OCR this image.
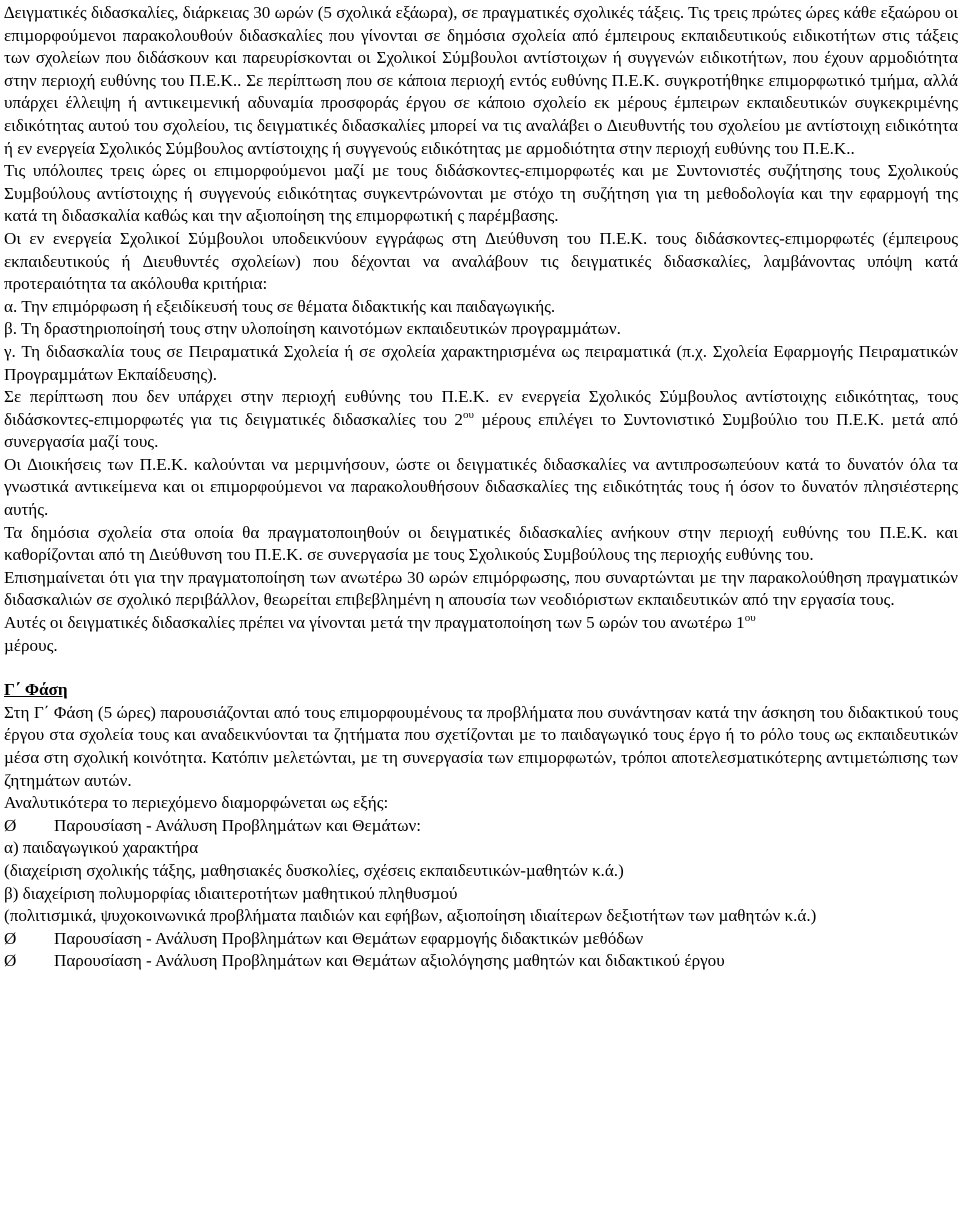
∆ειγµατικές διδασκαλίες, διάρκειας 30 ωρών (5 σχολικά εξάωρα), σε πραγµατικές σχολικές τάξεις. Τις τρεις πρώτες ώρες κάθε εξαώρου οι επιµορφούµενοι παρακολουθούν διδασκαλίες που γίνονται σε δηµόσια σχολεία από έµπειρους εκπαιδευτικούς ειδικοτήτων στις τάξεις των σχολείων που διδάσκουν και παρευρίσκονται οι Σχολικοί Σύµβουλοι αντίστοιχων ή συγγενών ειδικοτήτων, που έχουν αρµοδιότητα στην περιοχή ευθύνης του Π.Ε.Κ.. Σε περίπτωση που σε κάποια περιοχή εντός ευθύνης Π.Ε.Κ. συγκροτήθηκε επιµορφωτικό τµήµα, αλλά υπάρχει έλλειψη ή αντικειµενική αδυναµία προσφοράς έργου σε κάποιο σχολείο εκ µέρους έµπειρων εκπαιδευτικών συγκεκριµένης ειδικότητας αυτού του σχολείου, τις δειγµατικές διδασκαλίες µπορεί να τις αναλάβει ο ∆ιευθυντής του σχολείου µε αντίστοιχη ειδικότητα ή εν ενεργεία Σχολικός Σύµβουλος αντίστοιχης ή συγγενούς ειδικότητας µε αρµοδιότητα στην περιοχή ευθύνης του Π.Ε.Κ..

Τις υπόλοιπες τρεις ώρες οι επιµορφούµενοι µαζί µε τους διδάσκοντες-επιµορφωτές και µε Συντονιστές συζήτησης τους Σχολικούς Συµβούλους αντίστοιχης ή συγγενούς ειδικότητας συγκεντρώνονται µε στόχο τη συζήτηση για τη µεθοδολογία και την εφαρµογή της κατά τη διδασκαλία καθώς και την αξιοποίηση της επιµορφωτική ς παρέµβασης.

Οι εν ενεργεία Σχολικοί Σύµβουλοι υποδεικνύουν εγγράφως στη ∆ιεύθυνση του Π.Ε.Κ. τους διδάσκοντες-επιµορφωτές (έµπειρους εκπαιδευτικούς ή ∆ιευθυντές σχολείων) που δέχονται να αναλάβουν τις δειγµατικές διδασκαλίες, λαµβάνοντας υπόψη κατά προτεραιότητα τα ακόλουθα κριτήρια:

α. Την επιµόρφωση ή εξειδίκευσή τους σε θέµατα διδακτικής και παιδαγωγικής.

β. Τη δραστηριοποίησή τους στην υλοποίηση καινοτόµων εκπαιδευτικών προγραµµάτων.

γ. Τη διδασκαλία τους σε Πειραµατικά Σχολεία ή σε σχολεία χαρακτηρισµένα ως πειραµατικά (π.χ. Σχολεία Εφαρµογής Πειραµατικών Προγραµµάτων Εκπαίδευσης).

Σε περίπτωση που δεν υπάρχει στην περιοχή ευθύνης του Π.Ε.Κ. εν ενεργεία Σχολικός Σύµβουλος αντίστοιχης ειδικότητας, τους διδάσκοντες-επιµορφωτές για τις δειγµατικές διδασκαλίες του $2^{o\upsilon}$ µέρους επιλέγει το Συντονιστικό Συµβούλιο του Π.Ε.Κ. µετά από συνεργασία µαζί τους.

Οι ∆ιοικήσεις των Π.Ε.Κ. καλούνται να µεριµνήσουν, ώστε οι δειγµατικές διδασκαλίες να αντιπροσωπεύουν κατά το δυνατόν όλα τα γνωστικά αντικείµενα και οι επιµορφούµενοι να παρακολουθήσουν διδασκαλίες της ειδικότητάς τους ή όσον το δυνατόν πλησιέστερης αυτής.

Τα δηµόσια σχολεία στα οποία θα πραγµατοποιηθούν οι δειγµατικές διδασκαλίες ανήκουν στην περιοχή ευθύνης του Π.Ε.Κ. και καθορίζονται από τη ∆ιεύθυνση του Π.Ε.Κ. σε συνεργασία µε τους Σχολικούς Συµβούλους της περιοχής ευθύνης του.

Επισηµαίνεται ότι για την πραγµατοποίηση των ανωτέρω 30 ωρών επιµόρφωσης, που συναρτώνται µε την παρακολούθηση πραγµατικών διδασκαλιών σε σχολικό περιβάλλον, θεωρείται επιβεβληµένη η απουσία των νεοδιόριστων εκπαιδευτικών από την εργασία τους.

Αυτές οι δειγµατικές διδασκαλίες πρέπει να γίνονται µετά την πραγµατοποίηση των 5 ωρών του ανωτέρω $1^{o\upsilon}$
µέρους.

Γ΄ Φάση

Στη Γ΄ Φάση (5 ώρες) παρουσιάζονται από τους επιµορφουµένους τα προβλήµατα που συνάντησαν κατά την άσκηση του διδακτικού τους έργου στα σχολεία τους και αναδεικνύονται τα ζητήµατα που σχετίζονται µε το παιδαγωγικό τους έργο ή το ρόλο τους ως εκπαιδευτικών µέσα στη σχολική κοινότητα. Κατόπιν µελετώνται, µε τη συνεργασία των επιµορφωτών, τρόποι αποτελεσµατικότερης αντιµετώπισης των ζητηµάτων αυτών.

Αναλυτικότερα το περιεχόµενο διαµορφώνεται ως εξής:

Ø	Παρουσίαση - Ανάλυση Προβληµάτων και Θεµάτων:

α) παιδαγωγικού χαρακτήρα

(διαχείριση σχολικής τάξης, µαθησιακές δυσκολίες, σχέσεις εκπαιδευτικών-µαθητών κ.ά.)

β) διαχείριση πολυµορφίας ιδιαιτεροτήτων µαθητικού πληθυσµού

(πολιτισµικά, ψυχοκοινωνικά προβλήµατα παιδιών και εφήβων, αξιοποίηση ιδιαίτερων δεξιοτήτων των µαθητών κ.ά.)

Ø	Παρουσίαση - Ανάλυση Προβληµάτων και Θεµάτων εφαρµογής διδακτικών µεθόδων
Ø	Παρουσίαση - Ανάλυση Προβληµάτων και Θεµάτων αξιολόγησης µαθητών και διδακτικού έργου
